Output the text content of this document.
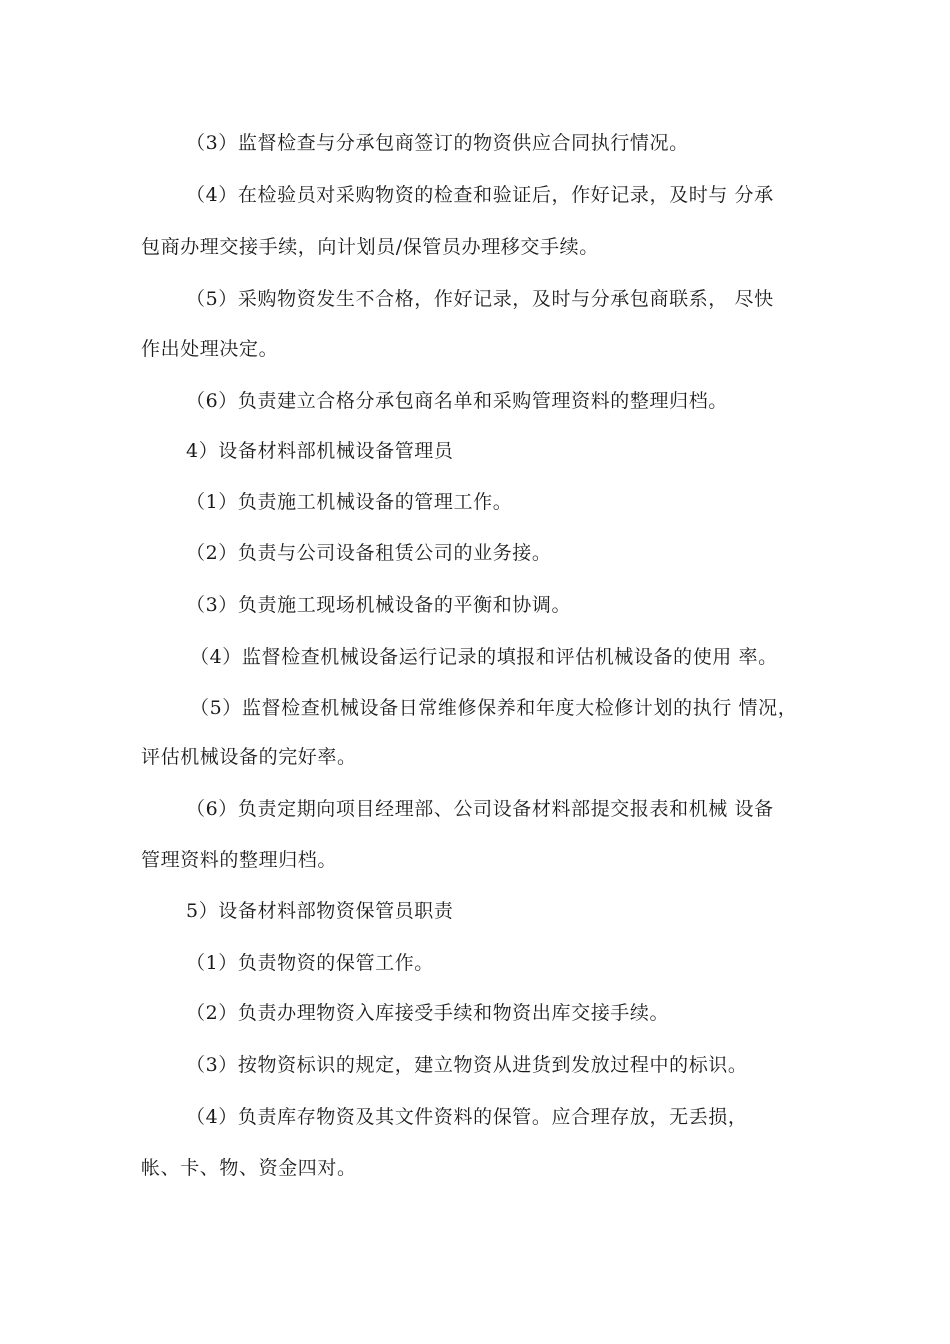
（3）监督检查与分承包商签订的物资供应合同执行情况。
（4）在检验员对采购物资的检查和验证后，作好记录，及时与 分承
包商办理交接手续，向计划员/保管员办理移交手续。
（5）采购物资发生不合格，作好记录，及时与分承包商联系， 尽快
作出处理决定。
（6）负责建立合格分承包商名单和采购管理资料的整理归档。
4）设备材料部机械设备管理员
（1）负责施工机械设备的管理工作。
（2）负责与公司设备租赁公司的业务接。
（3）负责施工现场机械设备的平衡和协调。
（4）监督检查机械设备运行记录的填报和评估机械设备的使用 率。
（5）监督检查机械设备日常维修保养和年度大检修计划的执行 情况，
评估机械设备的完好率。
（6）负责定期向项目经理部、公司设备材料部提交报表和机械 设备
管理资料的整理归档。
5）设备材料部物资保管员职责
（1）负责物资的保管工作。
（2）负责办理物资入库接受手续和物资出库交接手续。
（3）按物资标识的规定，建立物资从进货到发放过程中的标识。
（4）负责库存物资及其文件资料的保管。应合理存放，无丢损，
帐、卡、物、资金四对。
